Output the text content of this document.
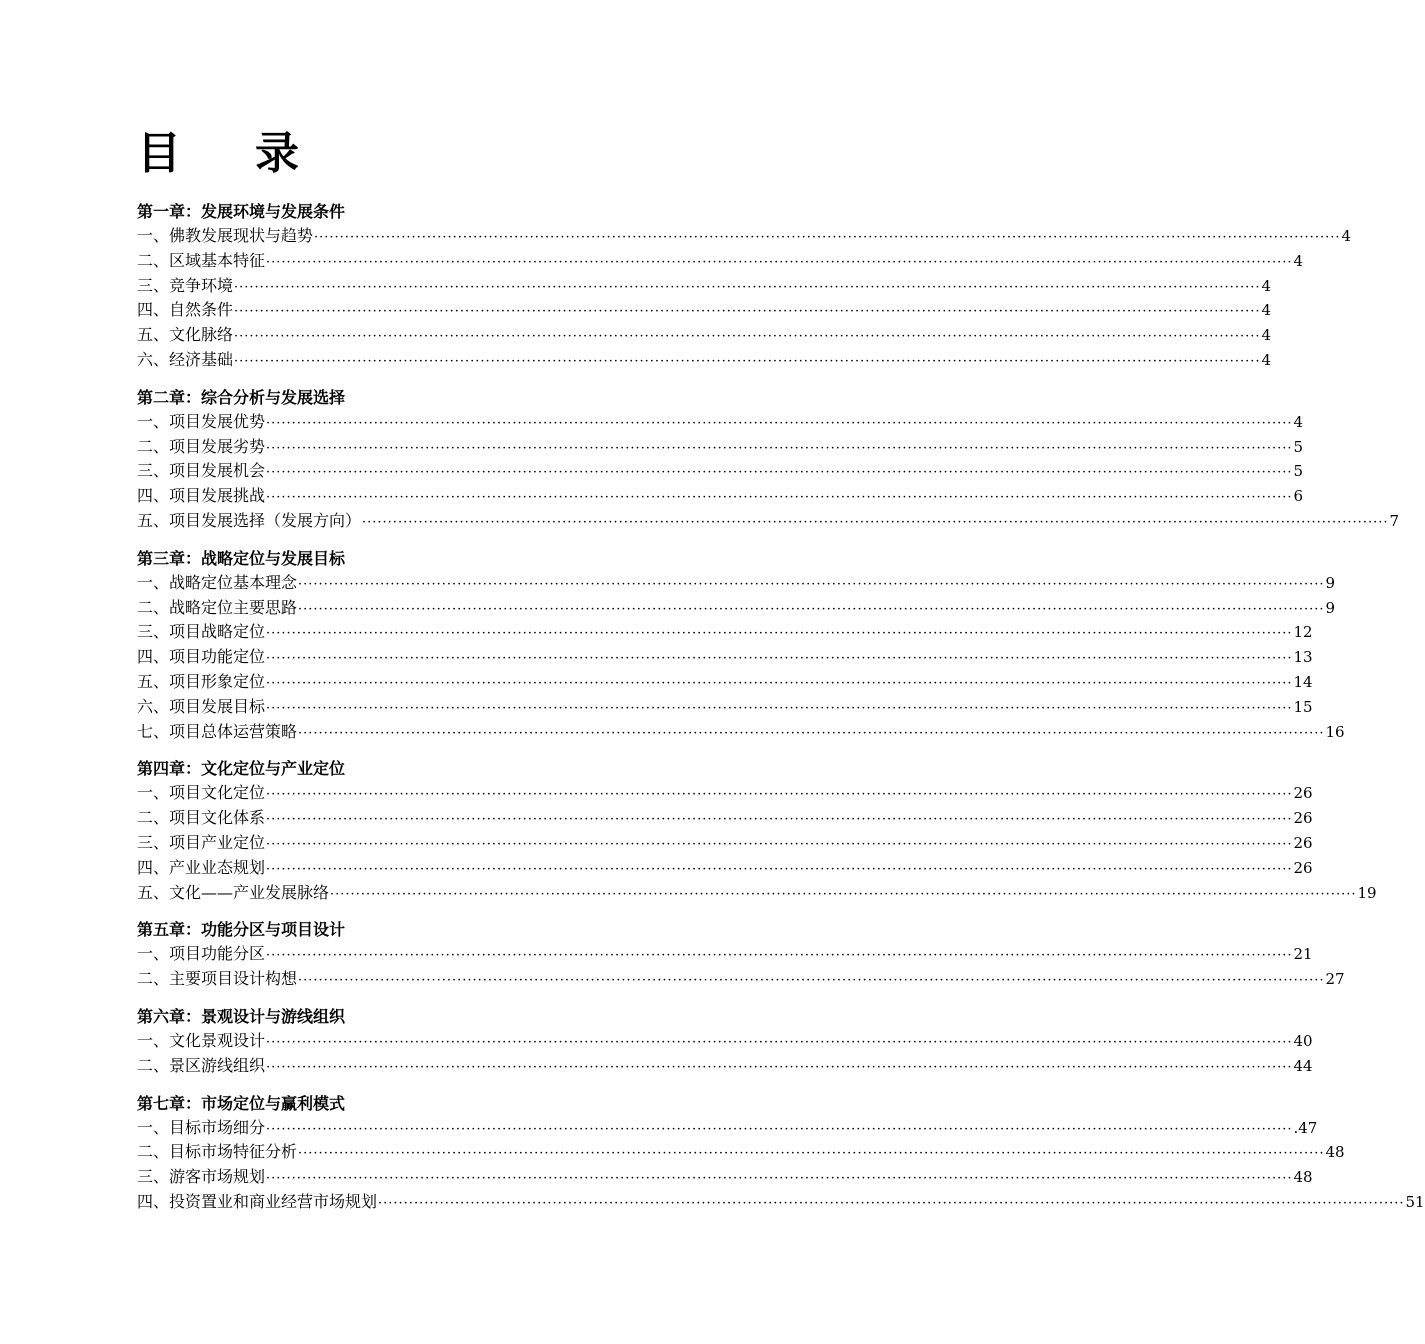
目录
第一章：发展环境与发展条件
一、佛教发展现状与趋势 ········································································································································································································ 4
二、区域基本特征 ········································································································································································································ 4
三、竞争环境 ········································································································································································································ 4
四、自然条件 ········································································································································································································ 4
五、文化脉络 ········································································································································································································ 4
六、经济基础 ········································································································································································································ 4
第二章：综合分析与发展选择
一、项目发展优势 ········································································································································································································ 4
二、项目发展劣势 ········································································································································································································ 5
三、项目发展机会 ········································································································································································································ 5
四、项目发展挑战 ········································································································································································································ 6
五、项目发展选择（发展方向） ········································································································································································································ 7
第三章：战略定位与发展目标
一、战略定位基本理念 ········································································································································································································ 9
二、战略定位主要思路 ········································································································································································································ 9
三、项目战略定位 ········································································································································································································ 12
四、项目功能定位 ········································································································································································································ 13
五、项目形象定位 ········································································································································································································ 14
六、项目发展目标 ········································································································································································································ 15
七、项目总体运营策略 ········································································································································································································ 16
第四章：文化定位与产业定位
一、项目文化定位 ········································································································································································································ 26
二、项目文化体系 ········································································································································································································ 26
三、项目产业定位 ········································································································································································································ 26
四、产业业态规划 ········································································································································································································ 26
五、文化——产业发展脉络 ········································································································································································································ 19
第五章：功能分区与项目设计
一、项目功能分区 ········································································································································································································ 21
二、主要项目设计构想 ········································································································································································································ 27
第六章：景观设计与游线组织
一、文化景观设计 ········································································································································································································ 40
二、景区游线组织 ········································································································································································································ 44
第七章：市场定位与赢利模式
一、目标市场细分 ········································································································································································································ .47
二、目标市场特征分析 ········································································································································································································ 48
三、游客市场规划 ········································································································································································································ 48
四、投资置业和商业经营市场规划 ········································································································································································································ 51
